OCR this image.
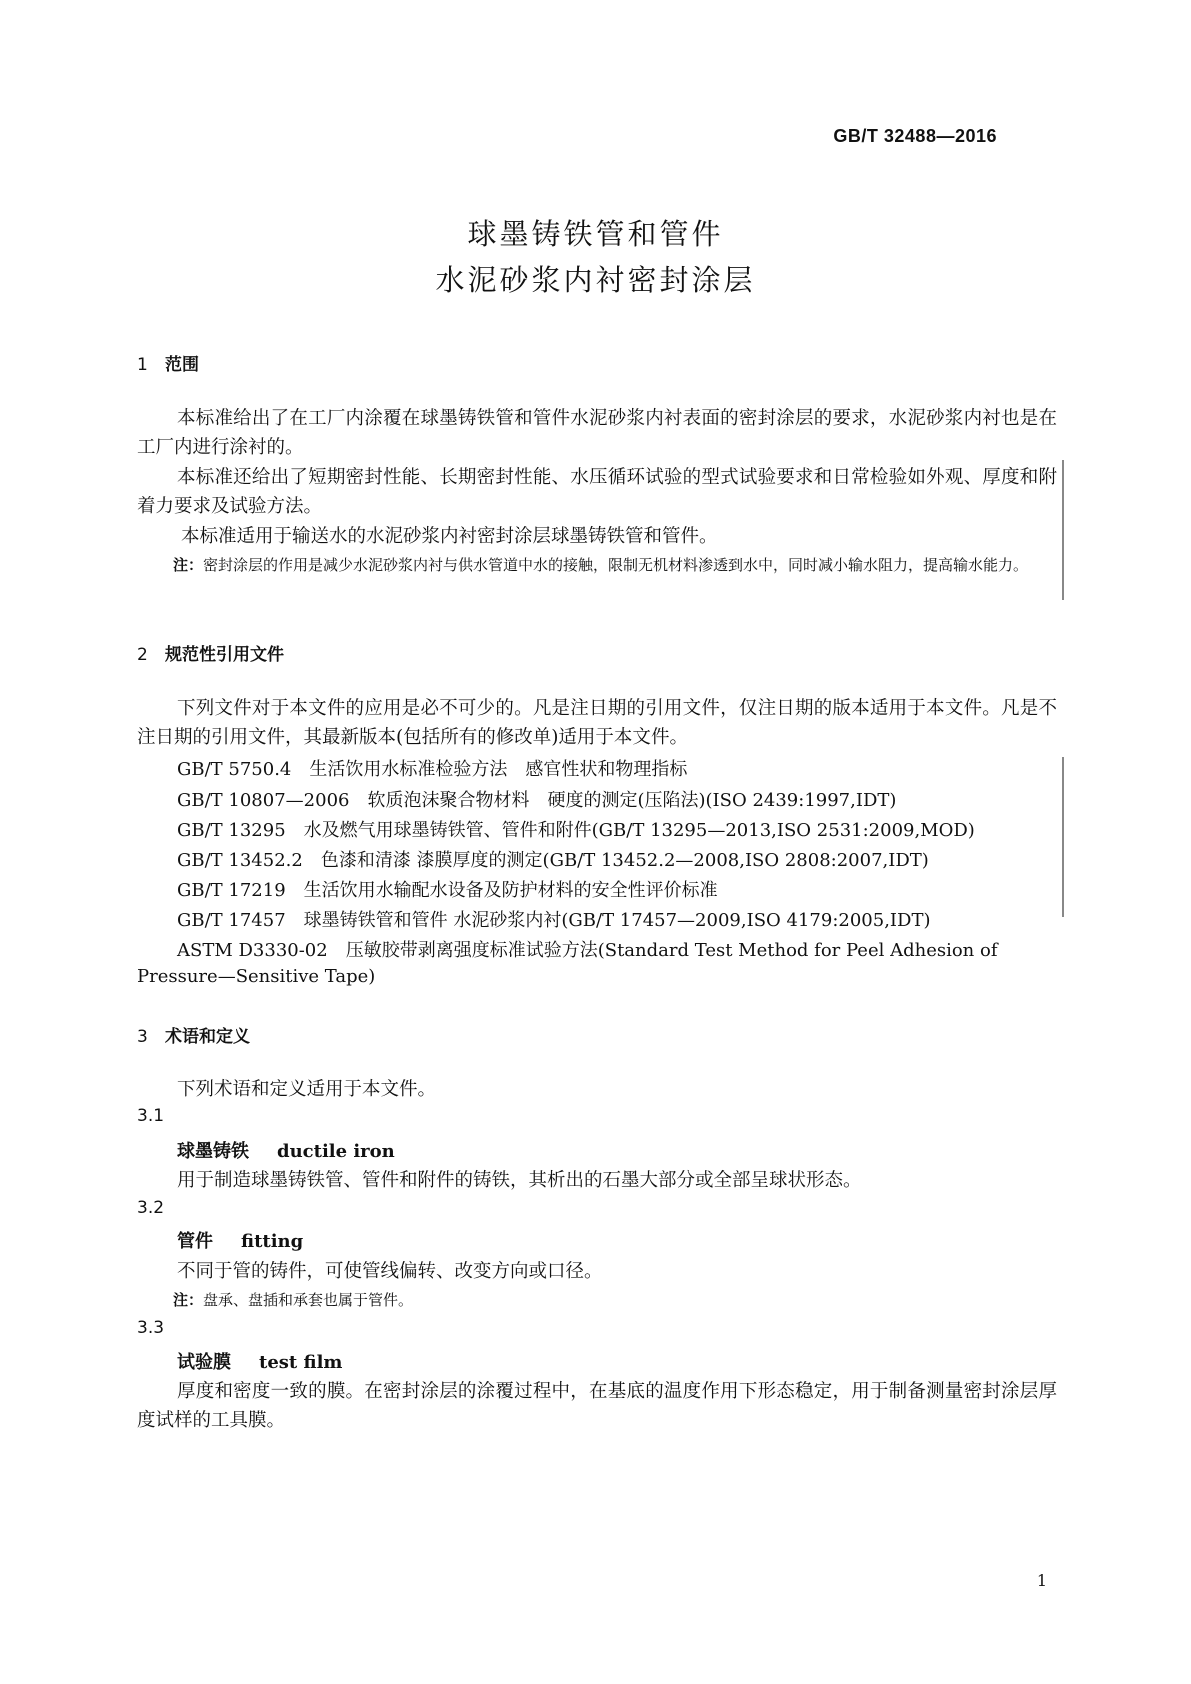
GB/T 32488—2016
球墨铸铁管和管件
水泥砂浆内衬密封涂层
1 范围
本标准给出了在工厂内涂覆在球墨铸铁管和管件水泥砂浆内衬表面的密封涂层的要求，水泥砂浆内衬也是在工厂内进行涂衬的。
本标准还给出了短期密封性能、长期密封性能、水压循环试验的型式试验要求和日常检验如外观、厚度和附着力要求及试验方法。
本标准适用于输送水的水泥砂浆内衬密封涂层球墨铸铁管和管件。
注：密封涂层的作用是减少水泥砂浆内衬与供水管道中水的接触，限制无机材料渗透到水中，同时减小输水阻力，提高输水能力。
2 规范性引用文件
下列文件对于本文件的应用是必不可少的。凡是注日期的引用文件，仅注日期的版本适用于本文件。凡是不注日期的引用文件，其最新版本(包括所有的修改单)适用于本文件。
GB/T 5750.4　生活饮用水标准检验方法　感官性状和物理指标
GB/T 10807—2006　软质泡沫聚合物材料　硬度的测定(压陷法)(ISO 2439:1997,IDT)
GB/T 13295　水及燃气用球墨铸铁管、管件和附件(GB/T 13295—2013,ISO 2531:2009,MOD)
GB/T 13452.2　色漆和清漆 漆膜厚度的测定(GB/T 13452.2—2008,ISO 2808:2007,IDT)
GB/T 17219　生活饮用水输配水设备及防护材料的安全性评价标准
GB/T 17457　球墨铸铁管和管件 水泥砂浆内衬(GB/T 17457—2009,ISO 4179:2005,IDT)
ASTM D3330-02　压敏胶带剥离强度标准试验方法(Standard Test Method for Peel Adhesion of
Pressure—Sensitive Tape)
3 术语和定义
下列术语和定义适用于本文件。
3.1
球墨铸铁 ductile iron
用于制造球墨铸铁管、管件和附件的铸铁，其析出的石墨大部分或全部呈球状形态。
3.2
管件 fitting
不同于管的铸件，可使管线偏转、改变方向或口径。
注：盘承、盘插和承套也属于管件。
3.3
试验膜 test film
厚度和密度一致的膜。在密封涂层的涂覆过程中，在基底的温度作用下形态稳定，用于制备测量密封涂层厚度试样的工具膜。
1
